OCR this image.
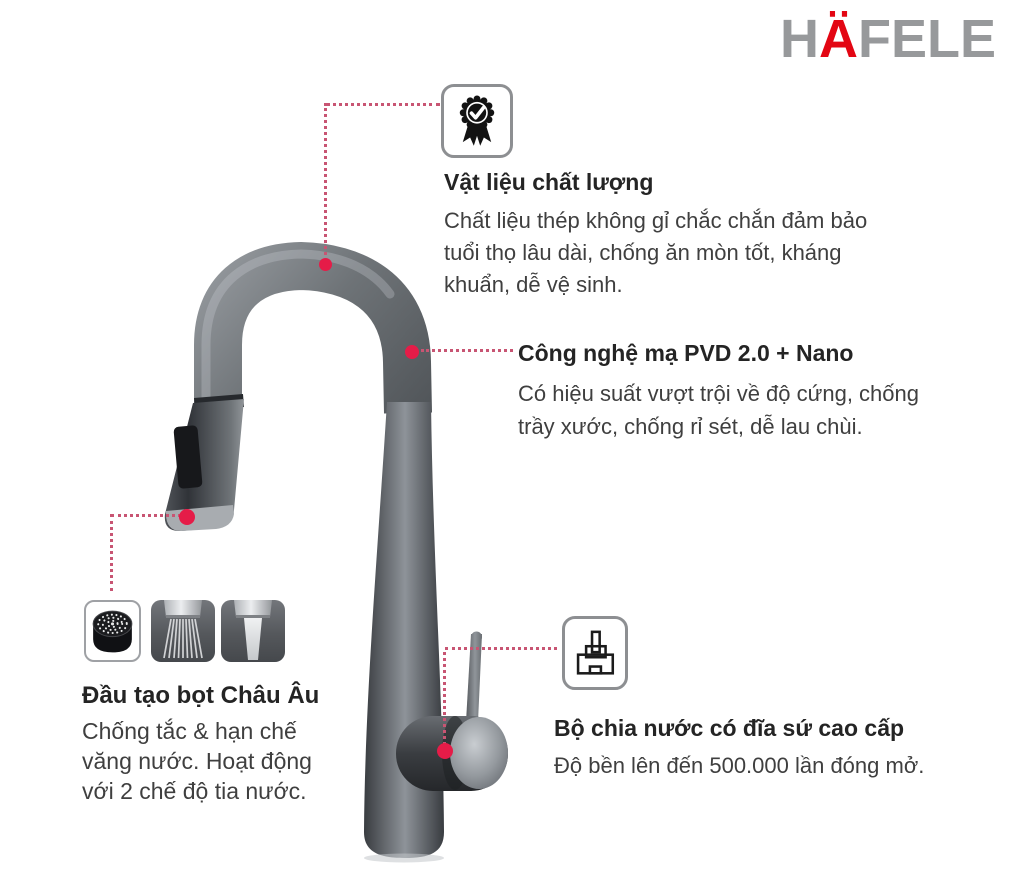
HÄFELE

Vật liệu chất lượng

Chất liệu thép không gỉ chắc chắn đảm bảo

tuổi thọ lâu dài, chống ăn mòn tốt, kháng

khuẩn, dễ vệ sinh.

Công nghệ mạ PVD 2.0 + Nano

Có hiệu suất vượt trội về độ cứng, chống

trầy xước, chống rỉ sét, dễ lau chùi.

Đầu tạo bọt Châu Âu

Chống tắc & hạn chế

văng nước. Hoạt động

với 2 chế độ tia nước.

Bộ chia nước có đĩa sứ cao cấp

Độ bền lên đến 500.000 lần đóng mở.
